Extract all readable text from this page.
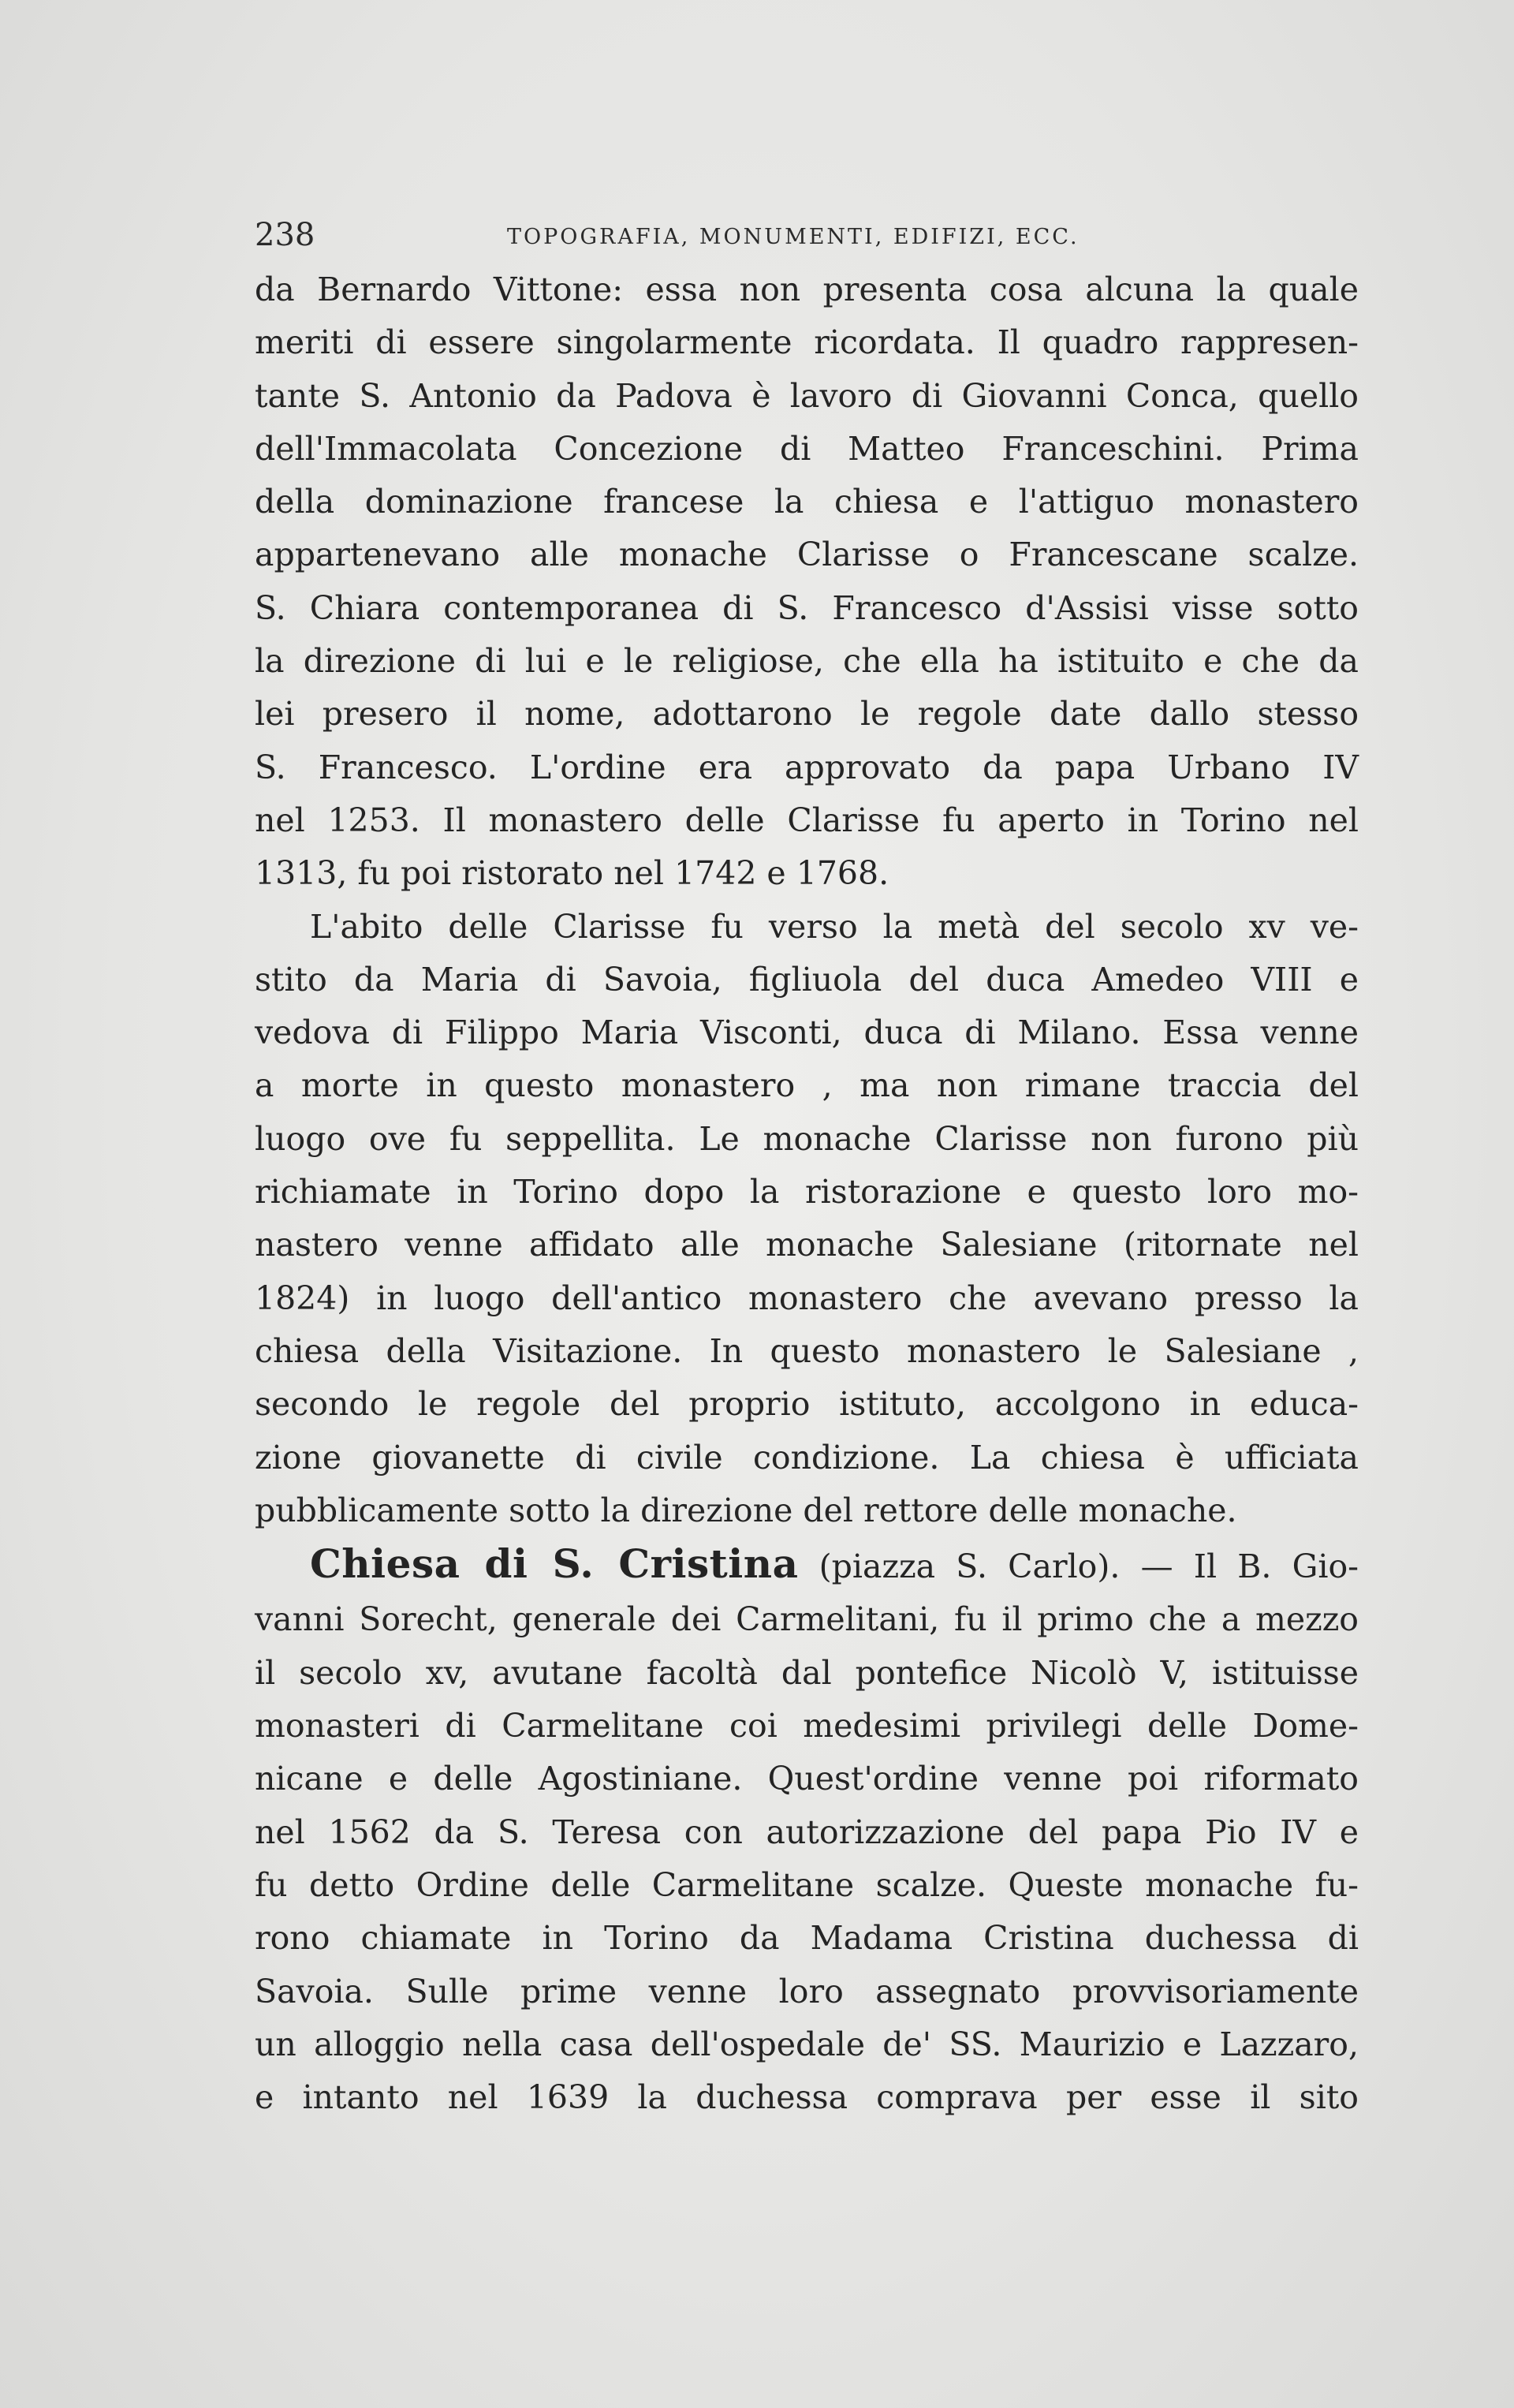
238	TOPOGRAFIA, MONUMENTI, EDIFIZI, ECC.
da Bernardo Vittone: essa non presenta cosa alcuna la quale
meriti di essere singolarmente ricordata. Il quadro rappresen-
tante S. Antonio da Padova è lavoro di Giovanni Conca, quello
dell'Immacolata Concezione di Matteo Franceschini. Prima
della dominazione francese la chiesa e l'attiguo monastero
appartenevano alle monache Clarisse o Francescane scalze.
S. Chiara contemporanea di S. Francesco d'Assisi visse sotto
la direzione di lui e le religiose, che ella ha istituito e che da
lei presero il nome, adottarono le regole date dallo stesso
S. Francesco. L'ordine era approvato da papa Urbano IV
nel 1253. Il monastero delle Clarisse fu aperto in Torino nel
1313, fu poi ristorato nel 1742 e 1768.
L'abito delle Clarisse fu verso la metà del secolo xv ve-
stito da Maria di Savoia, figliuola del duca Amedeo VIII e
vedova di Filippo Maria Visconti, duca di Milano. Essa venne
a morte in questo monastero , ma non rimane traccia del
luogo ove fu seppellita. Le monache Clarisse non furono più
richiamate in Torino dopo la ristorazione e questo loro mo-
nastero venne affidato alle monache Salesiane (ritornate nel
1824) in luogo dell'antico monastero che avevano presso la
chiesa della Visitazione. In questo monastero le Salesiane ,
secondo le regole del proprio istituto, accolgono in educa-
zione giovanette di civile condizione. La chiesa è ufficiata
pubblicamente sotto la direzione del rettore delle monache.
Chiesa di S. Cristina (piazza S. Carlo). — Il B. Gio-
vanni Sorecht, generale dei Carmelitani, fu il primo che a mezzo
il secolo xv, avutane facoltà dal pontefice Nicolò V, istituisse
monasteri di Carmelitane coi medesimi privilegi delle Dome-
nicane e delle Agostiniane. Quest'ordine venne poi riformato
nel 1562 da S. Teresa con autorizzazione del papa Pio IV e
fu detto Ordine delle Carmelitane scalze. Queste monache fu-
rono chiamate in Torino da Madama Cristina duchessa di
Savoia. Sulle prime venne loro assegnato provvisoriamente
un alloggio nella casa dell'ospedale de' SS. Maurizio e Lazzaro,
e intanto nel 1639 la duchessa comprava per esse il sito
